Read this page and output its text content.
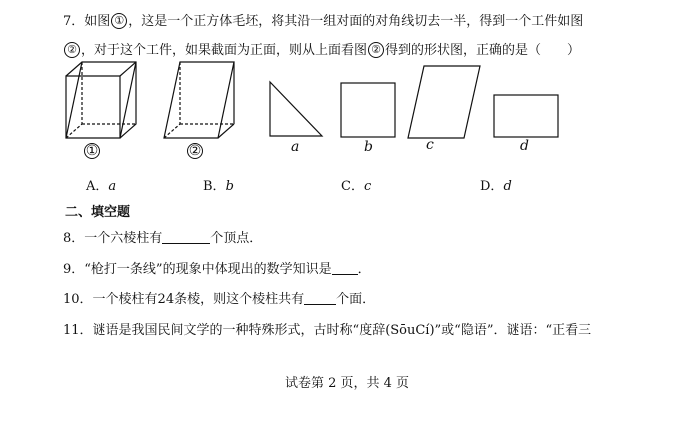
7．如图 ① ，这是一个正方体毛坯，将其沿一组对面的对角线切去一半，得到一个工件如图
② ，对于这个工件，如果截面为正面，则从上面看图 ② 得到的形状图，正确的是（　　）
①	②	a	b	c	d
A．a	B．b	C．c	D．d
二、填空题
8．一个六棱柱有	个顶点．
9．“枪打一条线”的现象中体现出的数学知识是 ．
10．一个棱柱有24条棱，则这个棱柱共有 个面．
11．谜语是我国民间文学的一种特殊形式，古时称“度辞(SōuCí)”或“隐语”．谜语：“正看三
试卷第 2 页，共 4 页
